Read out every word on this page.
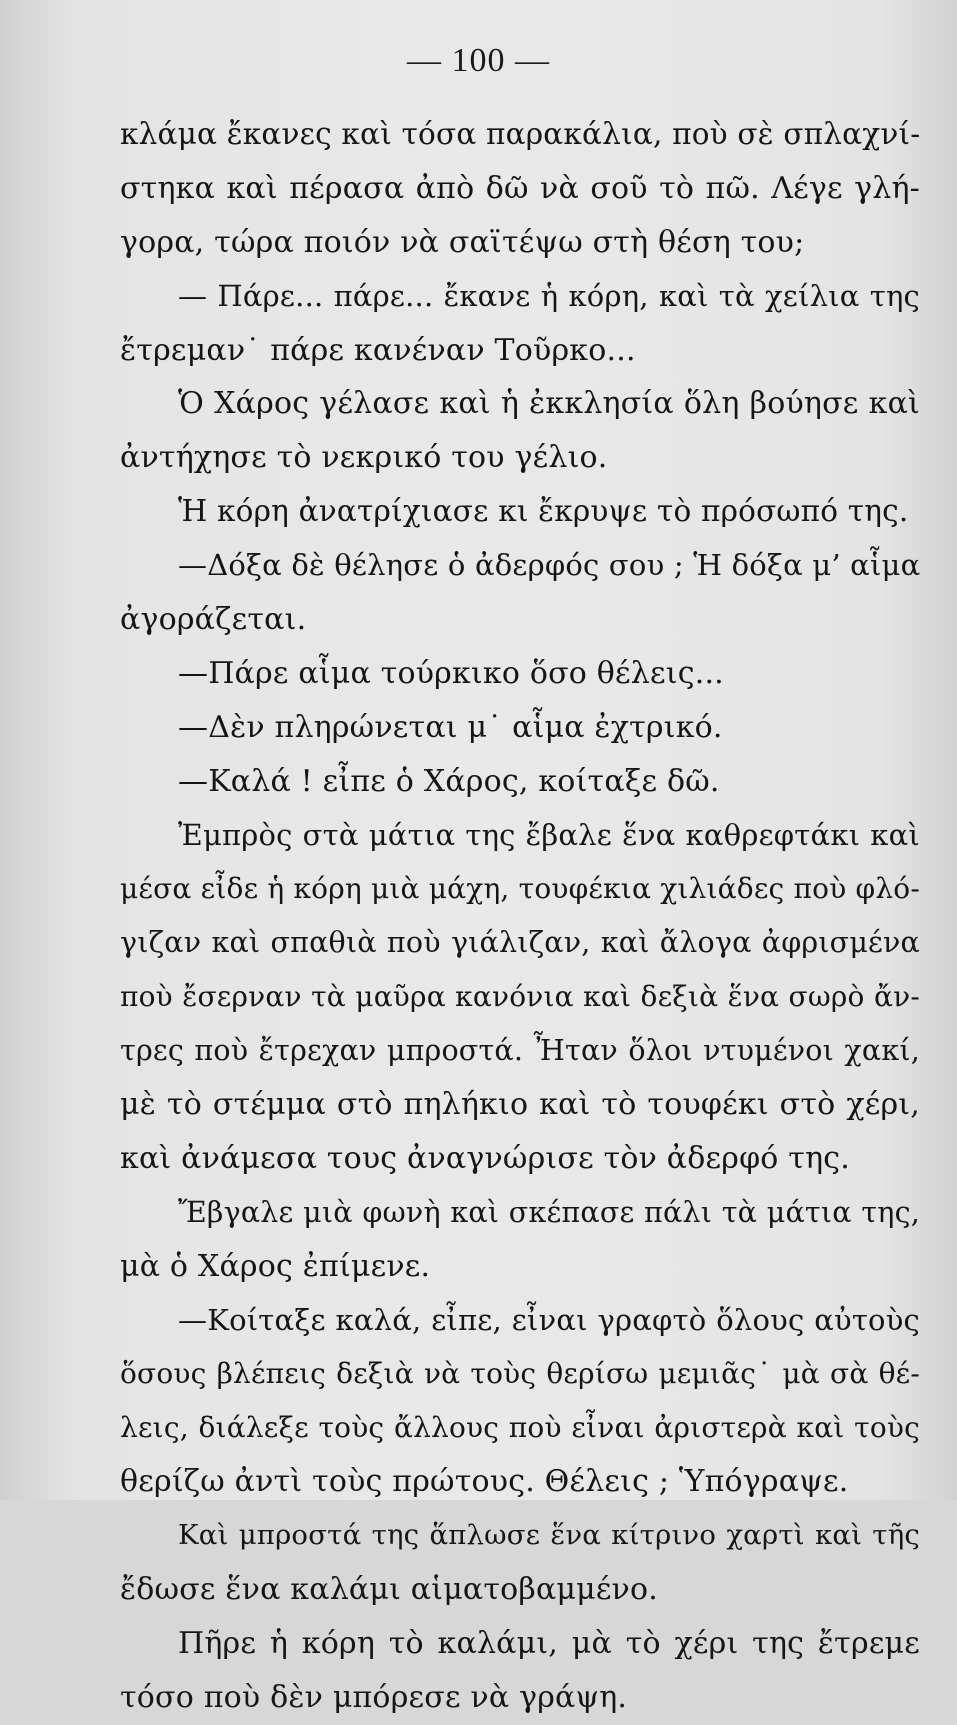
— 100 —
κλάμα ἔκανες καὶ τόσα παρακάλια, ποὺ σὲ σπλαχνί-
στηκα καὶ πέρασα ἀπὸ δῶ νὰ σοῦ τὸ πῶ. Λέγε γλή-
γορα, τώρα ποιόν νὰ σαϊτέψω στὴ θέση του;
— Πάρε... πάρε... ἔκανε ἡ κόρη, καὶ τὰ χείλια της
ἔτρεμαν˙ πάρε κανέναν Τοῦρκο...
Ὁ Χάρος γέλασε καὶ ἡ ἐκκλησία ὅλη βούησε καὶ
ἀντήχησε τὸ νεκρικό του γέλιο.
Ἡ κόρη ἀνατρίχιασε κι ἔκρυψε τὸ πρόσωπό της.
—Δόξα δὲ θέλησε ὁ ἀδερφός σου ; Ἡ δόξα μ’ αἷμα
ἀγοράζεται.
—Πάρε αἷμα τούρκικο ὅσο θέλεις...
—Δὲν πληρώνεται μ˙ αἷμα ἐχτρικό.
—Καλά ! εἶπε ὁ Χάρος, κοίταξε δῶ.
Ἐμπρὸς στὰ μάτια της ἔβαλε ἕνα καθρεφτάκι καὶ
μέσα εἶδε ἡ κόρη μιὰ μάχη, τουφέκια χιλιάδες ποὺ φλό-
γιζαν καὶ σπαθιὰ ποὺ γιάλιζαν, καὶ ἄλογα ἀφρισμένα
ποὺ ἔσερναν τὰ μαῦρα κανόνια καὶ δεξιὰ ἕνα σωρὸ ἄν-
τρες ποὺ ἔτρεχαν μπροστά. Ἦταν ὅλοι ντυμένοι χακί,
μὲ τὸ στέμμα στὸ πηλήκιο καὶ τὸ τουφέκι στὸ χέρι,
καὶ ἀνάμεσα τους ἀναγνώρισε τὸν ἀδερφό της.
Ἔβγαλε μιὰ φωνὴ καὶ σκέπασε πάλι τὰ μάτια της,
μὰ ὁ Χάρος ἐπίμενε.
—Κοίταξε καλά, εἶπε, εἶναι γραφτὸ ὅλους αὐτοὺς
ὅσους βλέπεις δεξιὰ νὰ τοὺς θερίσω μεμιᾶς˙ μὰ σὰ θέ-
λεις, διάλεξε τοὺς ἄλλους ποὺ εἶναι ἀριστερὰ καὶ τοὺς
θερίζω ἀντὶ τοὺς πρώτους. Θέλεις ; Ὑπόγραψε.
Καὶ μπροστά της ἅπλωσε ἕνα κίτρινο χαρτὶ καὶ τῆς
ἔδωσε ἕνα καλάμι αἱματοβαμμένο.
Πῆρε ἡ κόρη τὸ καλάμι, μὰ τὸ χέρι της ἔτρεμε
τόσο ποὺ δὲν μπόρεσε νὰ γράψη.
